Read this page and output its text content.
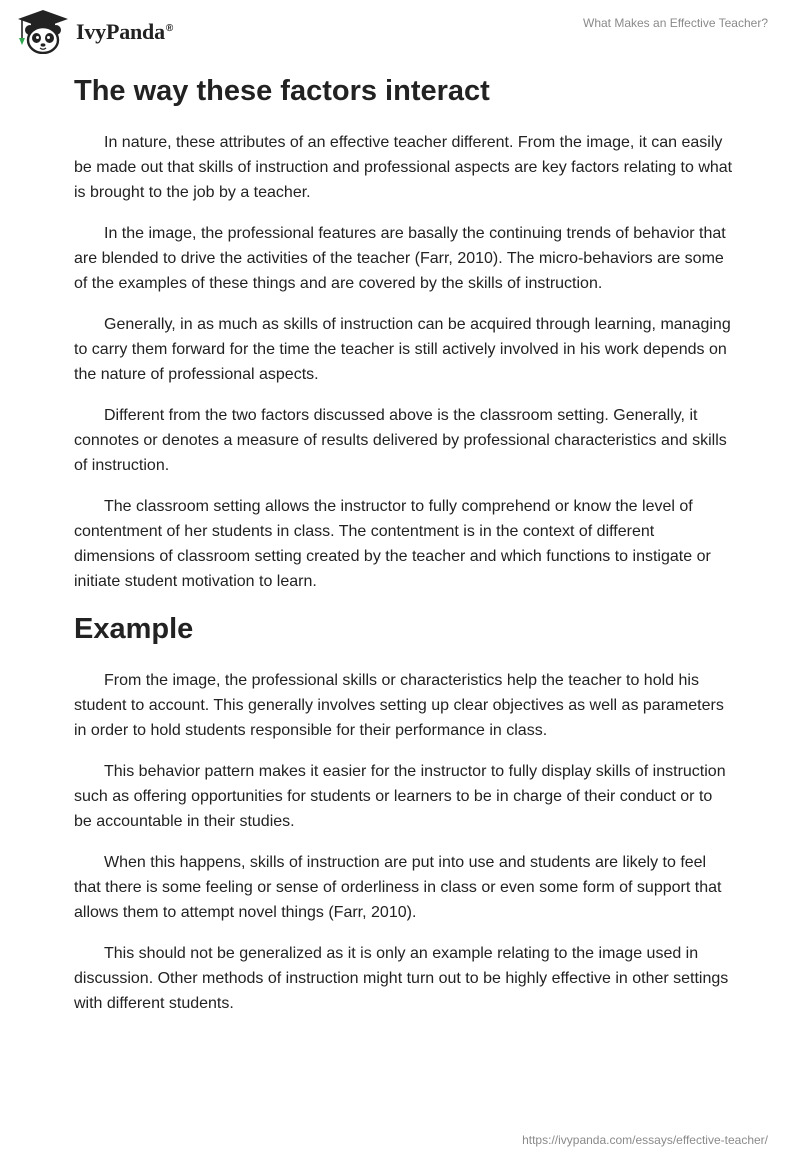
IvyPanda®	What Makes an Effective Teacher?
The way these factors interact

In nature, these attributes of an effective teacher different. From the image, it can easily be made out that skills of instruction and professional aspects are key factors relating to what is brought to the job by a teacher.

In the image, the professional features are basally the continuing trends of behavior that are blended to drive the activities of the teacher (Farr, 2010). The micro-behaviors are some of the examples of these things and are covered by the skills of instruction.

Generally, in as much as skills of instruction can be acquired through learning, managing to carry them forward for the time the teacher is still actively involved in his work depends on the nature of professional aspects.

Different from the two factors discussed above is the classroom setting. Generally, it connotes or denotes a measure of results delivered by professional characteristics and skills of instruction.

The classroom setting allows the instructor to fully comprehend or know the level of contentment of her students in class. The contentment is in the context of different dimensions of classroom setting created by the teacher and which functions to instigate or initiate student motivation to learn.

Example

From the image, the professional skills or characteristics help the teacher to hold his student to account. This generally involves setting up clear objectives as well as parameters in order to hold students responsible for their performance in class.

This behavior pattern makes it easier for the instructor to fully display skills of instruction such as offering opportunities for students or learners to be in charge of their conduct or to be accountable in their studies.

When this happens, skills of instruction are put into use and students are likely to feel that there is some feeling or sense of orderliness in class or even some form of support that allows them to attempt novel things (Farr, 2010).

This should not be generalized as it is only an example relating to the image used in discussion. Other methods of instruction might turn out to be highly effective in other settings with different students.

https://ivypanda.com/essays/effective-teacher/
